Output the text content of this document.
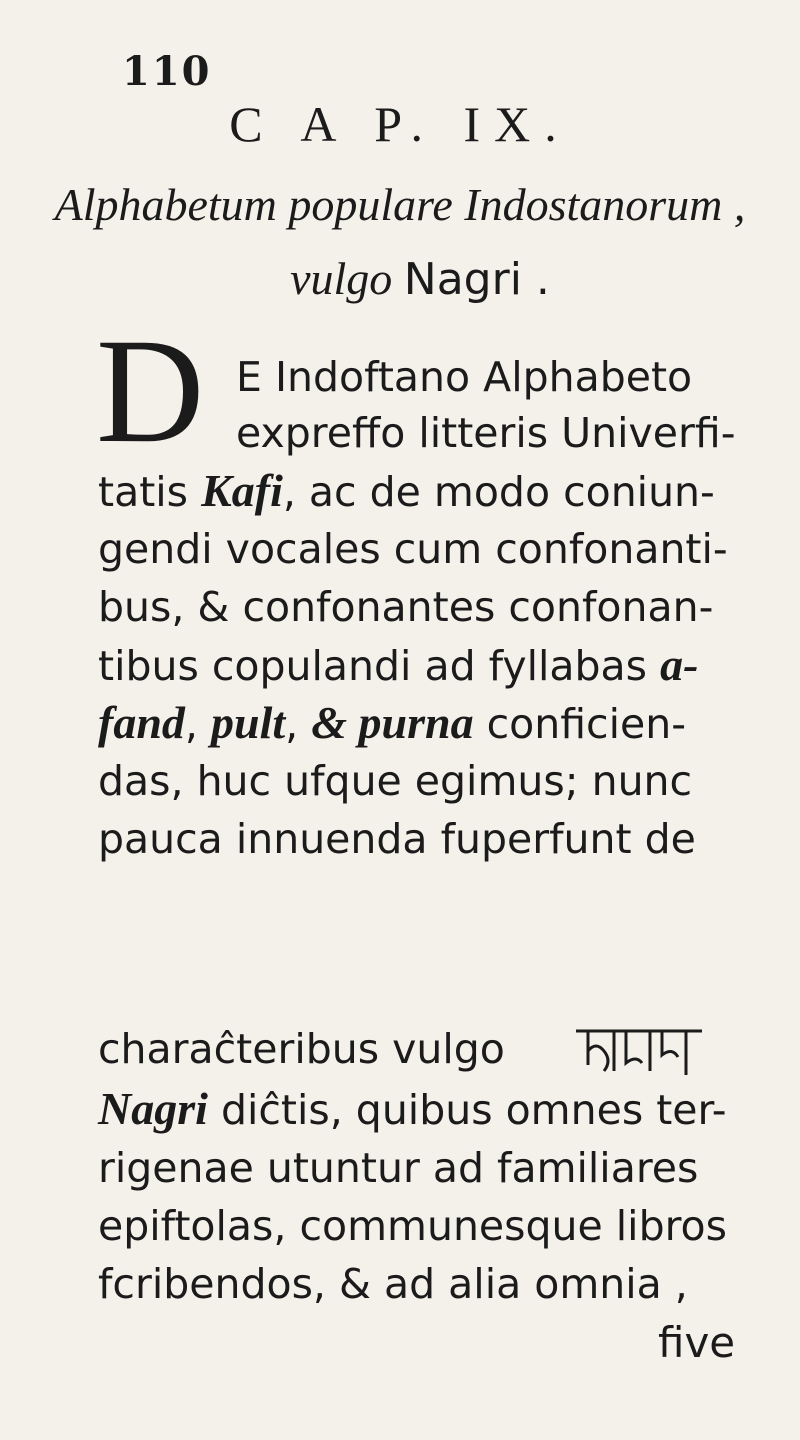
110
C A P. IX.
Alphabetum populare Indostanorum ,
vulgo Nagri .
D E Indoftano Alphabeto
expreffo litteris Univerfi-
tatis Kafi, ac de modo coniun-
gendi vocales cum confonanti-
bus, & confonantes confonan-
tibus copulandi ad fyllabas a-
fand, pult, & purna conficien-
das, huc ufque egimus; nunc
pauca innuenda fuperfunt de
charaĉteribus vulgo
Nagri diĉtis, quibus omnes ter-
rigenae utuntur ad familiares
epiftolas, communesque libros
fcribendos, & ad alia omnia ,
five
